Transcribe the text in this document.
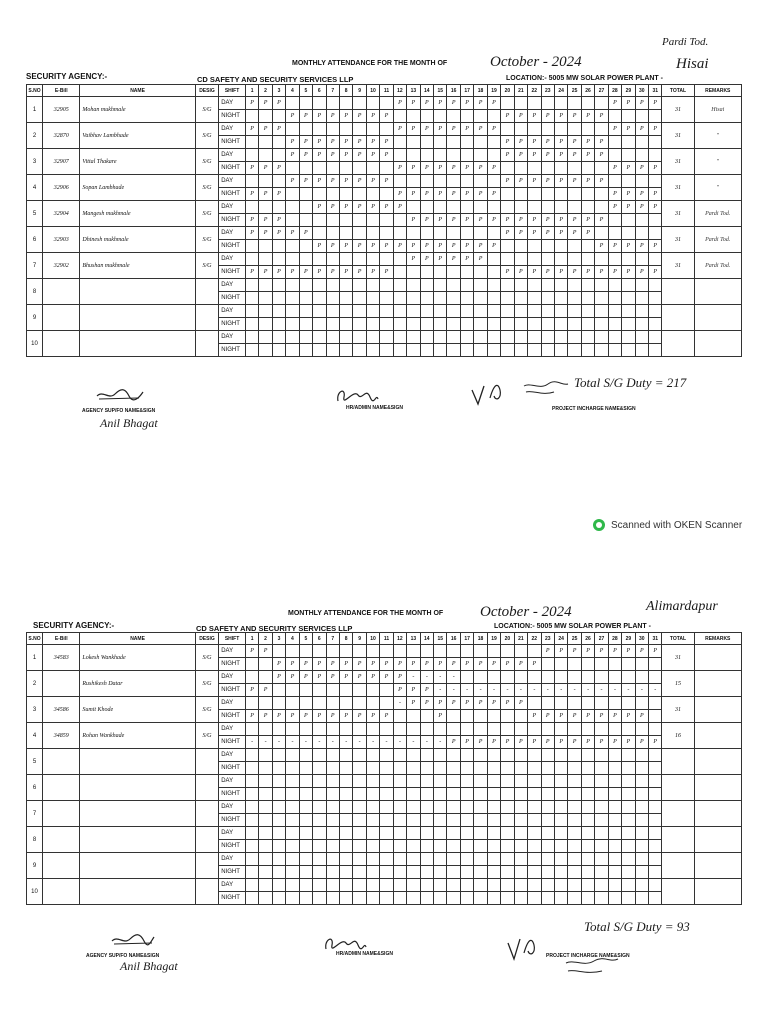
Pardi Tod.
MONTHLY ATTENDANCE FOR THE MONTH OF	October - 2024	Hisai
SECURITY AGENCY:-	CD SAFETY AND SECURITY SERVICES LLP	LOCATION:- 5005 MW SOLAR POWER PLANT -
S.NO	E-Bill	NAME	DESIG	SHIFT	1	2	3	4	5	6	7	8	9	10	11	12	13	14	15	16	17	18	19	20	21	22	23	24	25	26	27	28	29	30	31	TOTAL	REMARKS
1	32905	Mohan mukhmale	S/G	DAY	P	P	P									P	P	P	P	P	P	P	P									P	P	P	P	31	Hisai
				NIGHT				P	P	P	P	P	P	P	P									P	P	P	P	P	P	P	P						
2	32870	Vaibhav Lambhade	S/G	DAY	P	P	P									P	P	P	P	P	P	P	P									P	P	P	P	31	"
				NIGHT				P	P	P	P	P	P	P	P									P	P	P	P	P	P	P	P						
3	32907	Vittal Thakare	S/G	DAY				P	P	P	P	P	P	P	P									P	P	P	P	P	P	P	P					31	"
				NIGHT	P	P	P									P	P	P	P	P	P	P	P									P	P	P	P		
4	32906	Sopan Lambhade	S/G	DAY				P	P	P	P	P	P	P	P									P	P	P	P	P	P	P	P					31	"
				NIGHT	P	P	P									P	P	P	P	P	P	P	P									P	P	P	P		
5	32904	Mangesh mukhmale	S/G	DAY						P	P	P	P	P	P	P																P	P	P	P	31	Pardi Tod.
				NIGHT	P	P	P										P	P	P	P	P	P	P	P	P	P	P	P	P	P	P						
6	32903	Dhinesh mukhmale	S/G	DAY	P	P	P	P	P															P	P	P	P	P	P	P						31	Pardi Tod.
				NIGHT						P	P	P	P	P	P	P	P	P	P	P	P	P	P								P	P	P	P	P		
7	32902	Bhushan mukhmale	S/G	DAY													P	P	P	P	P	P														31	Pardi Tod.
				NIGHT	P	P	P	P	P	P	P	P	P	P	P									P	P	P	P	P	P	P	P	P	P	P	P		
8				DAY																																	
				NIGHT																																	
9				DAY																																	
				NIGHT																																	
10				DAY																																	
				NIGHT																																	
Total S/G Duty = 217
AGENCY SUP/FO NAME&SIGN
Anil Bhagat
HR/ADMIN NAME&SIGN	PROJECT INCHARGE NAME&SIGN
Scanned with OKEN Scanner
MONTHLY ATTENDANCE FOR THE MONTH OF October - 2024	Alimardapur
SECURITY AGENCY:-	CD SAFETY AND SECURITY SERVICES LLP	LOCATION:- 5005 MW SOLAR POWER PLANT -
S.NO	E-Bill	NAME	DESIG	SHIFT	1	2	3	4	5	6	7	8	9	10	11	12	13	14	15	16	17	18	19	20	21	22	23	24	25	26	27	28	29	30	31	TOTAL	REMARKS
1	34583	Lokesh Wankhade	S/G	DAY	P	P																					P	P	P	P	P	P	P	P	P	31	
				NIGHT			P	P	P	P	P	P	P	P	P	P	P	P	P	P	P	P	P	P	P	P											
2		Rushikesh Datar	S/G	DAY			P	P	P	P	P	P	P	P	P	P	-	-	-	-																15	
				NIGHT	P	P										P	P	P	-	-	-	-	-	-	-	-	-	-	-	-	-	-	-	-	-		
3	34586	Sumit Khode	S/G	DAY												-	P	P	P	P	P	P	P	P	P											31	
				NIGHT	P	P	P	P	P	P	P	P	P	P	P				P							P	P	P	P	P	P	P	P	P			
4	34859	Rohan Wankhade	S/G	DAY																																16	
				NIGHT	-	-	-	-	-	-	-	-	-	-	-	-	-	-	-	P	P	P	P	P	P	P	P	P	P	P	P	P	P	P	P		
5				DAY																																	
				NIGHT																																	
6				DAY																																	
				NIGHT																																	
7				DAY																																	
				NIGHT																																	
8				DAY																																	
				NIGHT																																	
9				DAY																																	
				NIGHT																																	
10				DAY																																	
				NIGHT																																	
Total S/G Duty = 93
AGENCY SUP/FO NAME&SIGN
Anil Bhagat
HR/ADMIN NAME&SIGN	PROJECT INCHARGE NAME&SIGN
